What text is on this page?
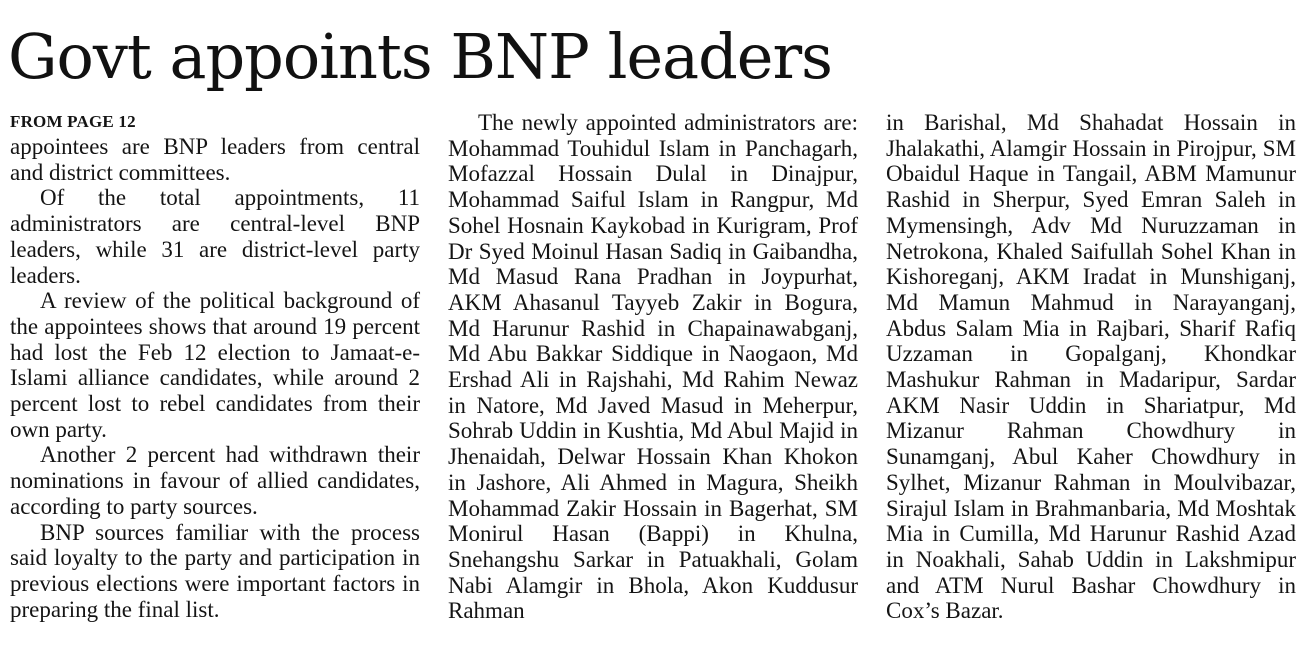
Govt appoints BNP leaders
FROM PAGE 12

appointees are BNP leaders from central and district committees.

Of the total appointments, 11 administrators are central-level BNP leaders, while 31 are district-level party leaders.

A review of the political background of the appointees shows that around 19 percent had lost the Feb 12 election to Jamaat-e-Islami alliance candidates, while around 2 percent lost to rebel candidates from their own party.

Another 2 percent had withdrawn their nominations in favour of allied candidates, according to party sources.

BNP sources familiar with the process said loyalty to the party and participation in previous elections were important factors in preparing the final list.

The newly appointed administrators are: Mohammad Touhidul Islam in Panchagarh, Mofazzal Hossain Dulal in Dinajpur, Mohammad Saiful Islam in Rangpur, Md Sohel Hosnain Kaykobad in Kurigram, Prof Dr Syed Moinul Hasan Sadiq in Gaibandha, Md Masud Rana Pradhan in Joypurhat, AKM Ahasanul Tayyeb Zakir in Bogura, Md Harunur Rashid in Chapainawabganj, Md Abu Bakkar Siddique in Naogaon, Md Ershad Ali in Rajshahi, Md Rahim Newaz in Natore, Md Javed Masud in Meherpur, Sohrab Uddin in Kushtia, Md Abul Majid in Jhenaidah, Delwar Hossain Khan Khokon in Jashore, Ali Ahmed in Magura, Sheikh Mohammad Zakir Hossain in Bagerhat, SM Monirul Hasan (Bappi) in Khulna, Snehangshu Sarkar in Patuakhali, Golam Nabi Alamgir in Bhola, Akon Kuddusur Rahman

in Barishal, Md Shahadat Hossain in Jhalakathi, Alamgir Hossain in Pirojpur, SM Obaidul Haque in Tangail, ABM Mamunur Rashid in Sherpur, Syed Emran Saleh in Mymensingh, Adv Md Nuruzzaman in Netrokona, Khaled Saifullah Sohel Khan in Kishoreganj, AKM Iradat in Munshiganj, Md Mamun Mahmud in Narayanganj, Abdus Salam Mia in Rajbari, Sharif Rafiq Uzzaman in Gopalganj, Khondkar Mashukur Rahman in Madaripur, Sardar AKM Nasir Uddin in Shariatpur, Md Mizanur Rahman Chowdhury in Sunamganj, Abul Kaher Chowdhury in Sylhet, Mizanur Rahman in Moulvibazar, Sirajul Islam in Brahmanbaria, Md Moshtak Mia in Cumilla, Md Harunur Rashid Azad in Noakhali, Sahab Uddin in Lakshmipur and ATM Nurul Bashar Chowdhury in Cox’s Bazar.
